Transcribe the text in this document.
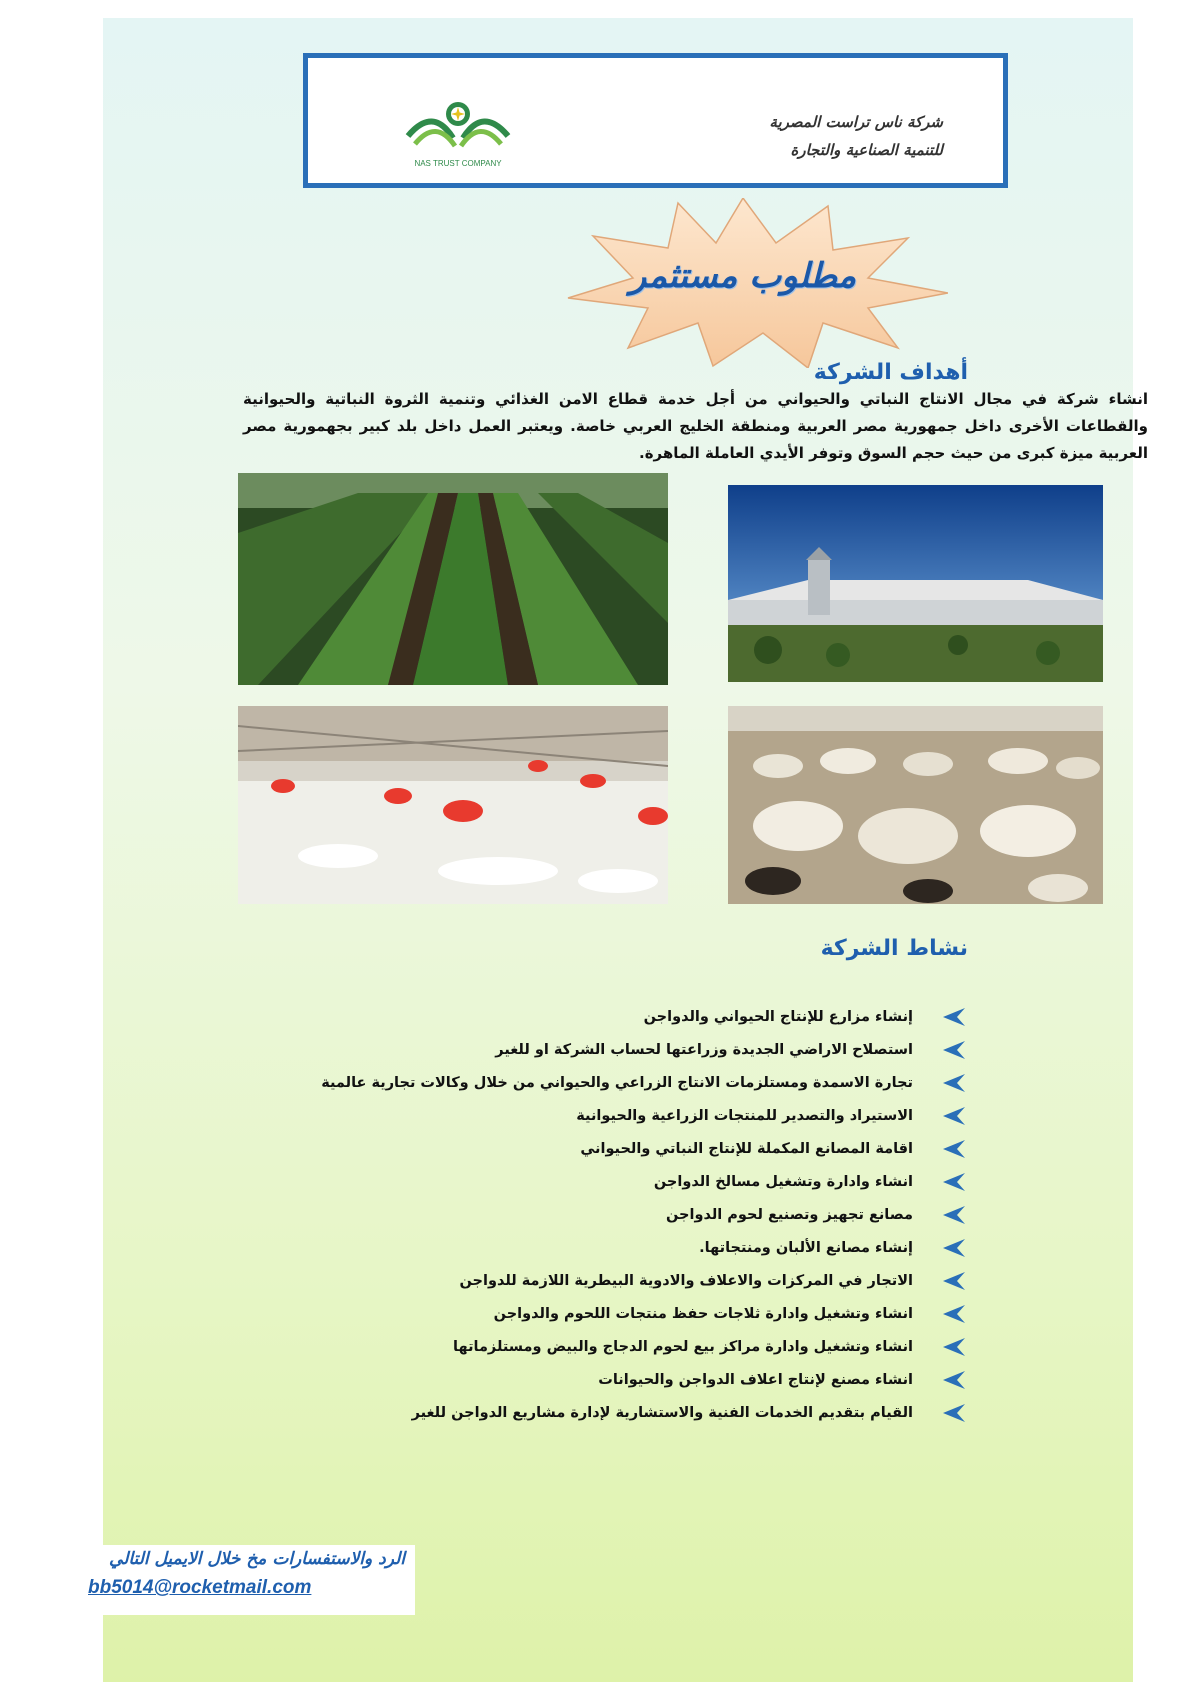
NAS TRUST COMPANY
شركة ناس تراست المصرية
للتنمية الصناعية والتجارة
مطلوب مستثمر
أهداف الشركة
انشاء شركة في مجال الانتاج النباتي والحيواني من أجل خدمة قطاع الامن الغذائي وتنمية الثروة النباتية والحيوانية والقطاعات الأخرى داخل جمهورية مصر العربية ومنطقة الخليج العربي خاصة. ويعتبر العمل داخل بلد كبير بجهمورية مصر العربية ميزة كبرى من حيث حجم السوق وتوفر الأيدي العاملة الماهرة.
نشاط الشركة
إنشاء مزارع للإنتاج الحيواني والدواجن
استصلاح الاراضي الجديدة وزراعتها لحساب الشركة او للغير
تجارة الاسمدة ومستلزمات الانتاج الزراعي والحيواني من خلال وكالات تجارية عالمية
الاستيراد والتصدير للمنتجات الزراعية والحيوانية
اقامة المصانع المكملة للإنتاج النباتي والحيواني
انشاء وادارة وتشغيل مسالخ الدواجن
مصانع تجهيز وتصنيع لحوم الدواجن
إنشاء مصانع الألبان ومنتجاتها.
الاتجار في المركزات والاعلاف والادوية البيطرية اللازمة للدواجن
انشاء وتشغيل وادارة ثلاجات حفظ منتجات اللحوم والدواجن
انشاء وتشغيل وادارة مراكز بيع لحوم الدجاج والبيض ومستلزماتها
انشاء مصنع لإنتاج اعلاف الدواجن والحيوانات
القيام بتقديم الخدمات الفنية والاستشارية لإدارة مشاريع الدواجن للغير
الرد والاستفسارات مخ خلال الايميل التالي
bb5014@rocketmail.com
